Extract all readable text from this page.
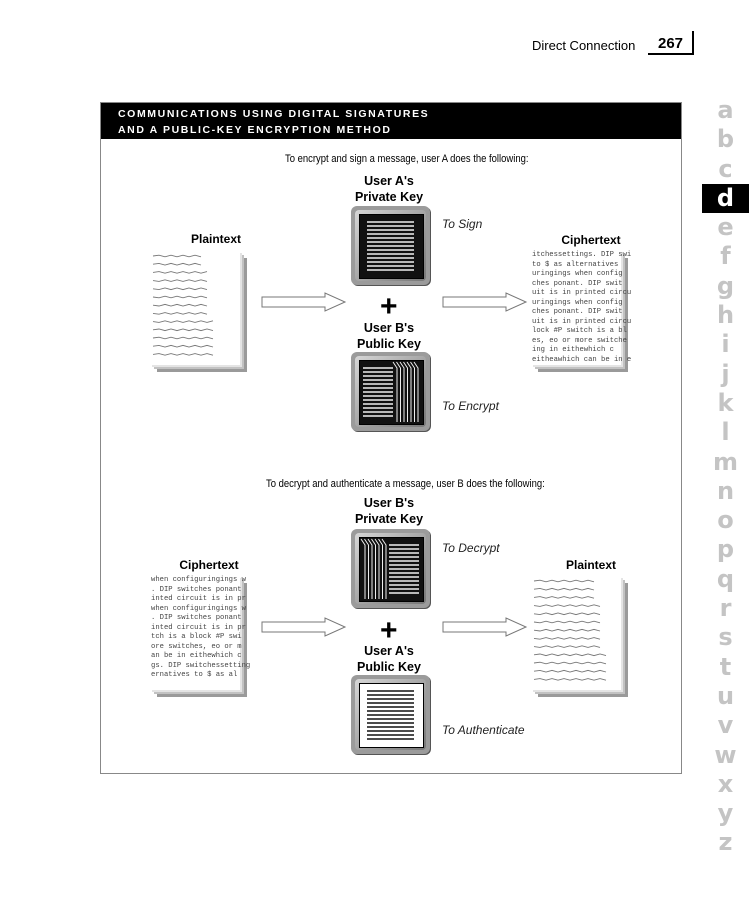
Direct Connection 267
a
b
c
d
e
f
g
h
i
j
k
l
m
n
o
p
q
r
s
t
u
v
w
x
y
z
COMMUNICATIONS USING DIGITAL SIGNATURES
AND A PUBLIC-KEY ENCRYPTION METHOD
To encrypt and sign a message, user A does the following:
User A's
Private Key
Plaintext	Ciphertext
To Sign
+
User B's
Public Key
To Encrypt
itchessettings. DIP swi
to $ as alternatives
uringings when config
ches ponant. DIP swit
uit is in printed circu
uringings when config
ches ponant. DIP swit
uit is in printed circu
lock #P switch is a bl
es, eo or more switche
ing in eithewhich c
eitheawhich can be in e
To decrypt and authenticate a message, user B does the following:
User B's
Private Key
Ciphertext	Plaintext
when configuringings w
. DIP switches ponant
inted circuit is in pr
when configuringings w
. DIP switches ponant
inted circuit is in pr
tch is a block #P swi
ore switches, eo or m
an be in eithewhich c
gs. DIP switchessetting
ernatives to $ as al
To Decrypt
+
User A's
Public Key
To Authenticate
